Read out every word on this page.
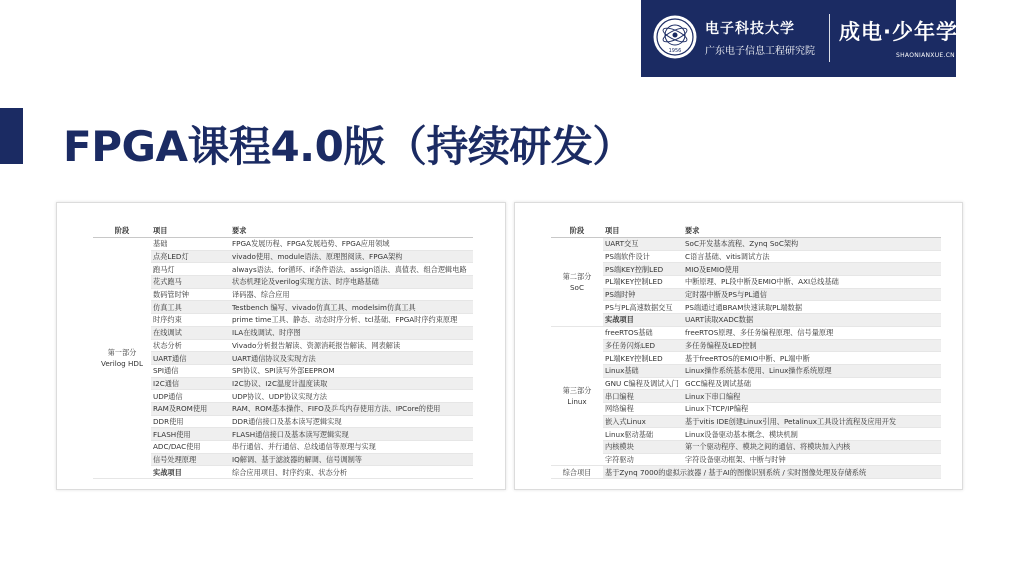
1956
电子科技大学
广东电子信息工程研究院
成电·少年学
SHAONIANXUE.CN
FPGA课程4.0版（持续研发）
阶段	项目	要求
第一部分
Verilog HDL	基础	FPGA发展历程、FPGA发展趋势、FPGA应用领域
	点亮LED灯	vivado使用、module语法、原理图阅读、FPGA架构
	跑马灯	always语法、for循环、if条件语法、assign语法、真值表、组合逻辑电路
	花式跑马	状态机理论及verilog实现方法、时序电路基础
	数码管时钟	译码器、综合应用
	仿真工具	Testbench 编写、vivado仿真工具、modelsim仿真工具
	时序约束	prime time工具、静态、动态时序分析、tcl基础、FPGA时序约束原理
	在线调试	ILA在线调试、时序图
	状态分析	Vivado分析报告解读、资源消耗报告解读、网表解读
	UART通信	UART通信协议及实现方法
	SPI通信	SPI协议、SPI读写外部EEPROM
	I2C通信	I2C协议、I2C温度计温度读取
	UDP通信	UDP协议、UDP协议实现方法
	RAM及ROM使用	RAM、ROM基本操作、FIFO及乒乓内存使用方法、IPCore的使用
	DDR使用	DDR通信接口及基本读写逻辑实现
	FLASH使用	FLASH通信接口及基本读写逻辑实现
	ADC/DAC使用	串行通信、并行通信、总线通信等原理与实现
	信号处理原理	IQ解调、基于滤波器的解调、信号调制等
	实战项目	综合应用项目、时序约束、状态分析
阶段	项目	要求
第二部分
SoC	UART交互	SoC开发基本流程、Zynq SoC架构
	PS端软件设计	C语言基础、vitis调试方法
	PS端KEY控制LED	MIO及EMIO使用
	PL端KEY控制LED	中断原理、PL段中断及EMIO中断、AXI总线基础
	PS端时钟	定时器中断及PS与PL通信
	PS与PL高速数据交互	PS端通过通BRAM快速读取PL端数据
	实战项目	UART读取XADC数据
第三部分
Linux	freeRTOS基础	freeRTOS原理、多任务编程原理、信号量原理
	多任务闪烁LED	多任务编程及LED控制
	PL端KEY控制LED	基于freeRTOS的EMIO中断、PL端中断
	Linux基础	Linux操作系统基本使用、Linux操作系统原理
	GNU C编程及调试入门	GCC编程及调试基础
	串口编程	Linux下串口编程
	网络编程	Linux下TCP/IP编程
	嵌入式Linux	基于vitis IDE创建Linux引用、Petalinux工具设计流程及应用开发
	Linux驱动基础	Linux设备驱动基本概念、模块机制
	内核模块	第一个驱动程序、模块之间的通信、将模块加入内核
	字符驱动	字符设备驱动框架、中断与时钟
综合项目	基于Zynq 7000的虚拟示波器 / 基于AI的图像识别系统 / 实时图像处理及存储系统	
